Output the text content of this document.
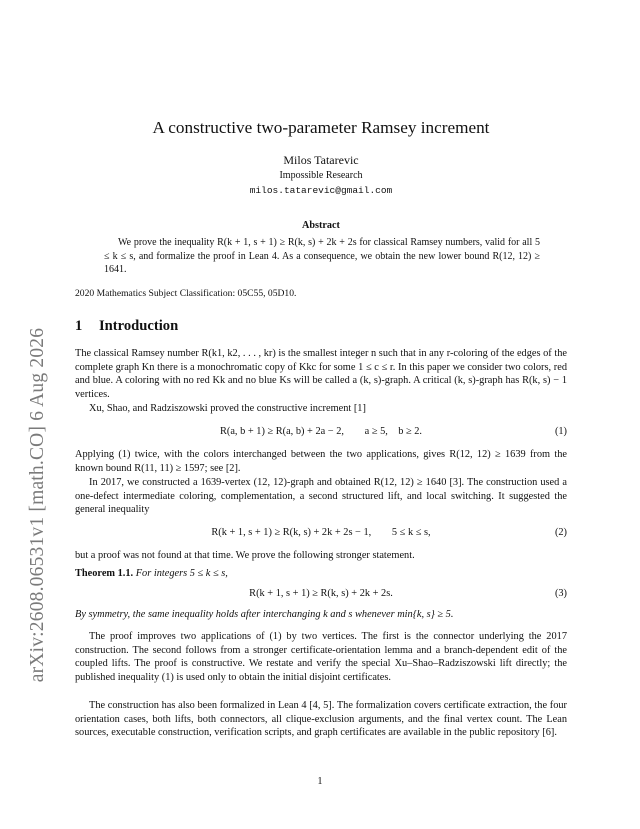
arXiv:2608.06531v1 [math.CO] 6 Aug 2026
A constructive two-parameter Ramsey increment
Milos Tatarevic
Impossible Research
milos.tatarevic@gmail.com
Abstract
We prove the inequality R(k + 1, s + 1) ≥ R(k, s) + 2k + 2s for classical Ramsey numbers, valid for all 5 ≤ k ≤ s, and formalize the proof in Lean 4. As a consequence, we obtain the new lower bound R(12, 12) ≥ 1641.
2020 Mathematics Subject Classification: 05C55, 05D10.
1 Introduction
The classical Ramsey number R(k1, k2, . . . , kr) is the smallest integer n such that in any r-coloring of the edges of the complete graph Kn there is a monochromatic copy of Kkc for some 1 ≤ c ≤ r. In this paper we consider two colors, red and blue. A coloring with no red Kk and no blue Ks will be called a (k, s)-graph. A critical (k, s)-graph has R(k, s) − 1 vertices.
Xu, Shao, and Radziszowski proved the constructive increment [1]
R(a, b + 1) ≥ R(a, b) + 2a − 2,        a ≥ 5,    b ≥ 2.	(1)
Applying (1) twice, with the colors interchanged between the two applications, gives R(12, 12) ≥ 1639 from the known bound R(11, 11) ≥ 1597; see [2].
In 2017, we constructed a 1639-vertex (12, 12)-graph and obtained R(12, 12) ≥ 1640 [3]. The construction used a one-defect intermediate coloring, complementation, a second structured lift, and local switching. It suggested the general inequality
R(k + 1, s + 1) ≥ R(k, s) + 2k + 2s − 1,        5 ≤ k ≤ s,	(2)
but a proof was not found at that time. We prove the following stronger statement.
Theorem 1.1. For integers 5 ≤ k ≤ s,
R(k + 1, s + 1) ≥ R(k, s) + 2k + 2s.	(3)
By symmetry, the same inequality holds after interchanging k and s whenever min{k, s} ≥ 5.
The proof improves two applications of (1) by two vertices. The first is the connector underlying the 2017 construction. The second follows from a stronger certificate-orientation lemma and a branch-dependent edit of the coupled lifts. The proof is constructive. We restate and verify the special Xu–Shao–Radziszowski lift directly; the published inequality (1) is used only to obtain the initial disjoint certificates.
The construction has also been formalized in Lean 4 [4, 5]. The formalization covers certificate extraction, the four orientation cases, both lifts, both connectors, all clique-exclusion arguments, and the final vertex count. The Lean sources, executable construction, verification scripts, and graph certificates are available in the public repository [6].
1
